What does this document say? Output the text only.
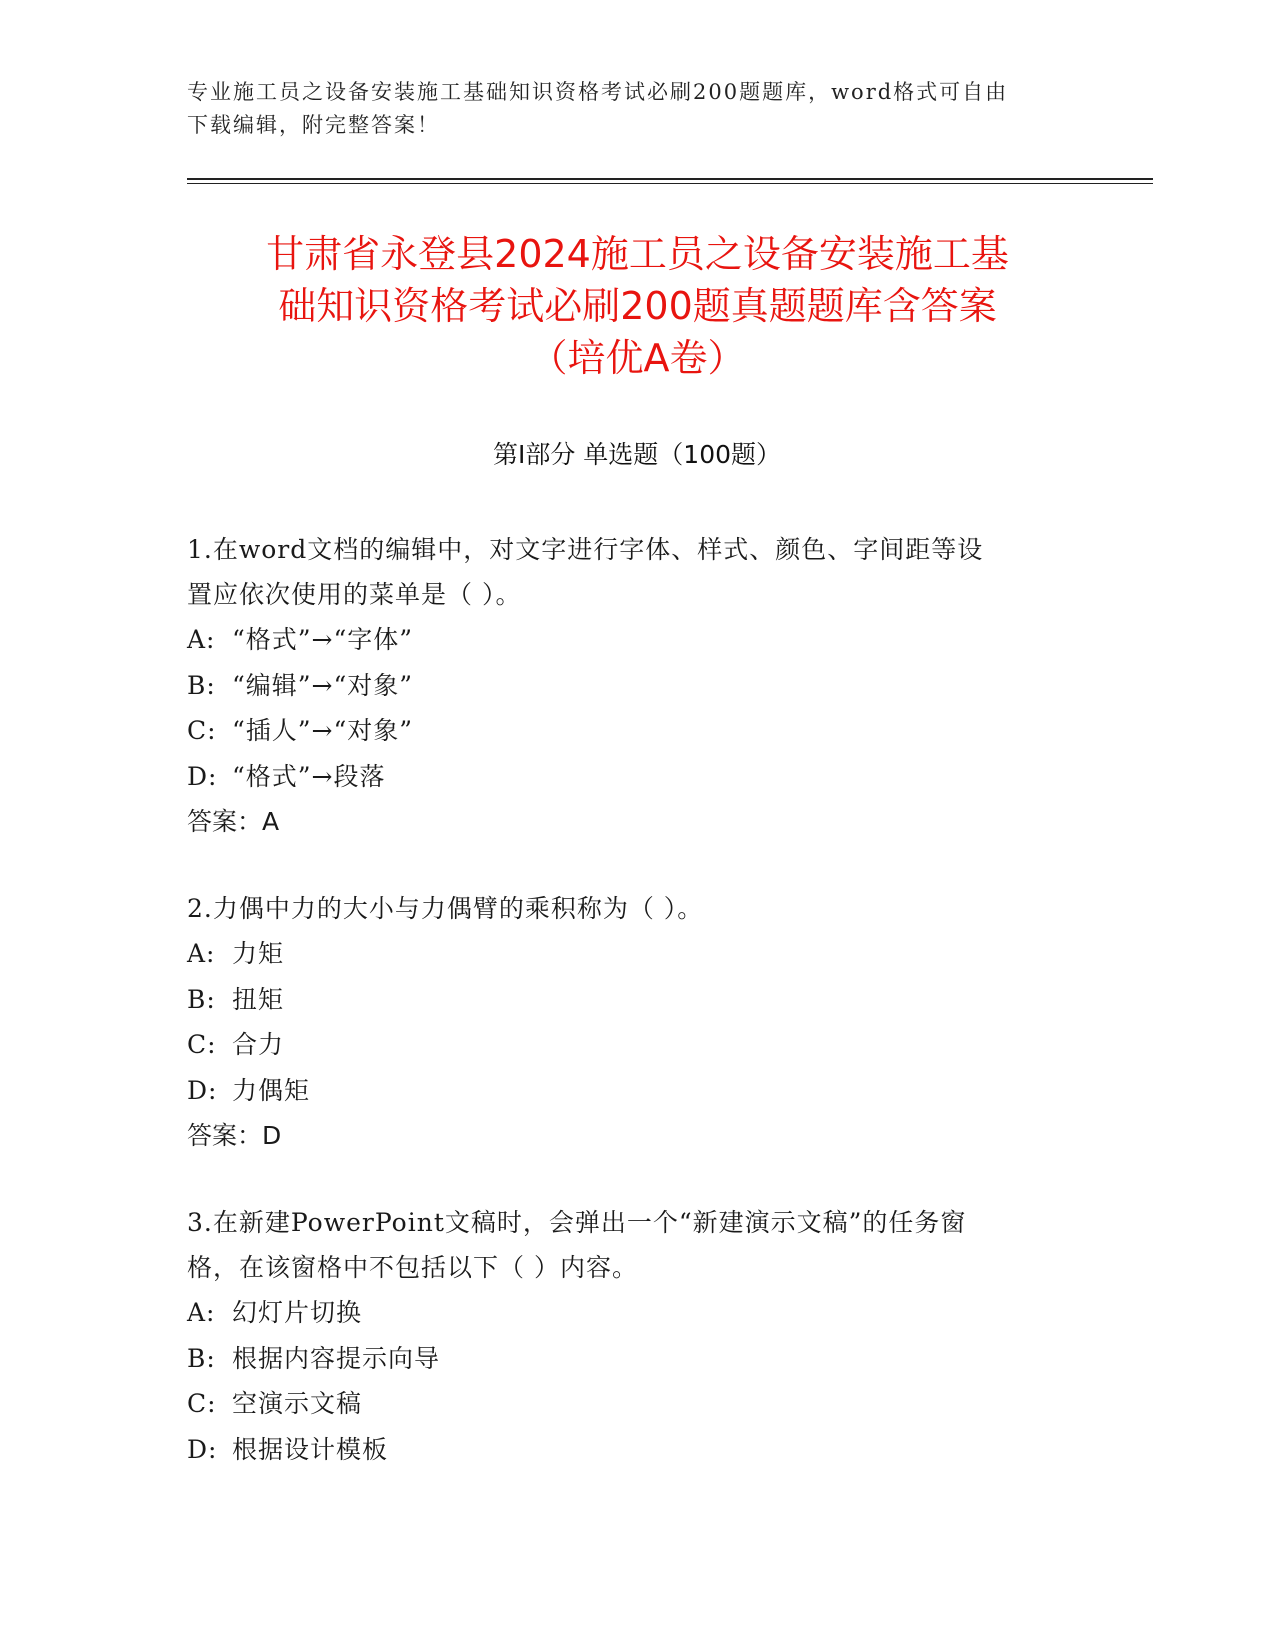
专业施工员之设备安装施工基础知识资格考试必刷200题题库，word格式可自由
下载编辑，附完整答案！
甘肃省永登县2024施工员之设备安装施工基
础知识资格考试必刷200题真题题库含答案
（培优A卷）
第I部分 单选题（100题）

1.在word文档的编辑中，对文字进行字体、样式、颜色、字间距等设

置应依次使用的菜单是（ ）。

A: “格式”→“字体”

B: “编辑”→“对象”

C: “插人”→“对象”

D: “格式”→段落

答案：A

2.力偶中力的大小与力偶臂的乘积称为（ ）。

A: 力矩

B: 扭矩

C: 合力

D: 力偶矩

答案：D

3.在新建PowerPoint文稿时，会弹出一个“新建演示文稿”的任务窗

格，在该窗格中不包括以下（ ）内容。

A: 幻灯片切换

B: 根据内容提示向导

C: 空演示文稿

D: 根据设计模板
